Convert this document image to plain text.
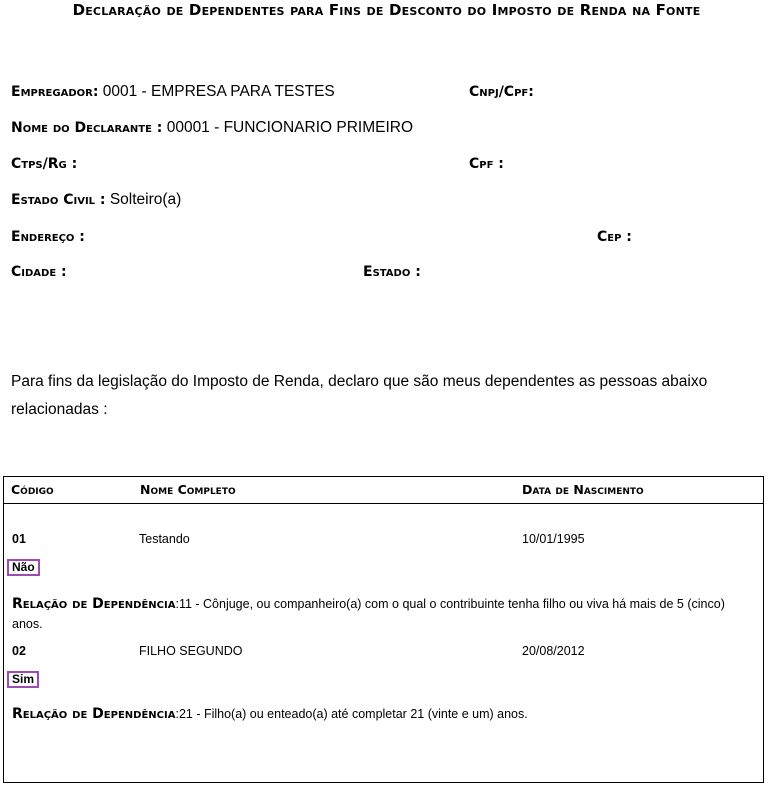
Declaração de Dependentes para Fins de Desconto do Imposto de Renda na Fonte
Empregador: 0001 - EMPRESA PARA TESTES	Cnpj/Cpf:
Nome do Declarante : 00001 - FUNCIONARIO PRIMEIRO
Ctps/Rg :	Cpf :
Estado Civil : Solteiro(a)
Endereço :	Cep :
Cidade :	Estado :
Para fins da legislação do Imposto de Renda, declaro que são meus dependentes as pessoas abaixo relacionadas :
Código	Nome Completo	Data de Nascimento
01	Testando	10/01/1995
Não
Relação de Dependência:11 - Cônjuge, ou companheiro(a) com o qual o contribuinte tenha filho ou viva há mais de 5 (cinco) anos.
02	FILHO SEGUNDO	20/08/2012
Sim
Relação de Dependência:21 - Filho(a) ou enteado(a) até completar 21 (vinte e um) anos.
